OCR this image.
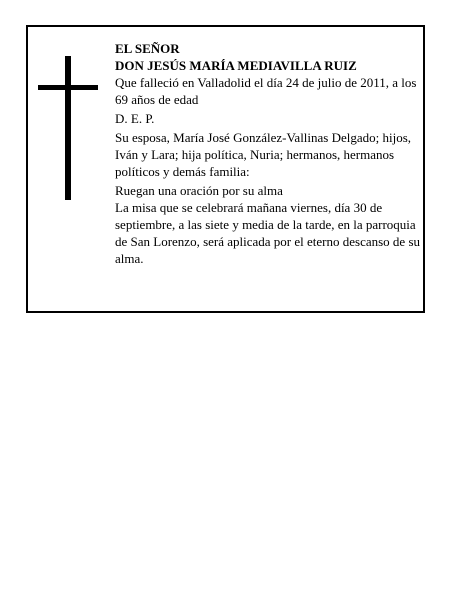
EL SEÑOR

DON JESÚS MARÍA MEDIAVILLA RUIZ

Que falleció en Valladolid el día 24 de julio de 2011, a los 69 años de edad

D. E. P.

Su esposa, María José González-Vallinas Delgado; hijos, Iván y Lara; hija política, Nuria; hermanos, hermanos políticos y demás familia:

Ruegan una oración por su alma

La misa que se celebrará mañana viernes, día 30 de septiembre, a las siete y media de la tarde, en la parroquia de San Lorenzo, será aplicada por el eterno descanso de su alma.
